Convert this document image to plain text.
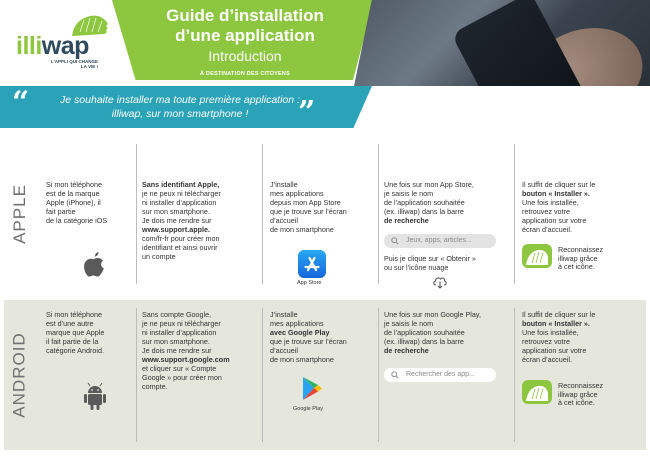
illiwap
L'APPLI QUI CHANGE LA VIE !
Guide d’installation
d’une application
Introduction
À DESTINATION DES CITOYENS
“	Je souhaite installer ma toute première application : illiwap, sur mon smartphone !	”
APPLE Si mon téléphone
est de la marque
Apple (iPhone), il
fait partie
de la catégorie iOS
Sans identifiant Apple,
je ne peux ni télécharger
ni installer d’application
sur mon smartphone.
Je dois me rendre sur
www.support.apple.
com/fr-fr pour créer mon
identifiant et ainsi ouvrir
un compte
J’installe
mes applications
depuis mon App Store
que je trouve sur l’écran
d’accueil
de mon smartphone
App Store
Une fois sur mon App Store,
je saisis le nom
de l’application souhaitée
(ex. illiwap) dans la barre
de recherche
Jeux, apps, articles...
Puis je clique sur « Obtenir »
ou sur l’icône nuage
Il suffit de cliquer sur le
bouton « Installer ».
Une fois installée,
retrouvez votre
application sur votre
écran d’accueil.
Reconnaissez
illiwap grâce
à cet icône.
ANDROID
Si mon téléphone
est d’une autre
marque que Apple
il fait partie de la
catégorie Android.
Sans compte Google,
je ne peux ni télécharger
ni installer d’application
sur mon smartphone.
Je dois me rendre sur
www.support.google.com
et cliquer sur « Compte
Google » pour créer mon
compte.
J’installe
mes applications
avec Google Play
que je trouve sur l’écran
d’accueil
de mon smartphone
Google Play
Une fois sur mon Google Play,
je saisis le nom
de l’application souhaitée
(ex. illiwap) dans la barre
de recherche
Rechercher des app...
Il suffit de cliquer sur le
bouton « Installer ».
Une fois installée,
retrouvez votre
application sur votre
écran d’accueil.
Reconnaissez
illiwap grâce
à cet icône.
